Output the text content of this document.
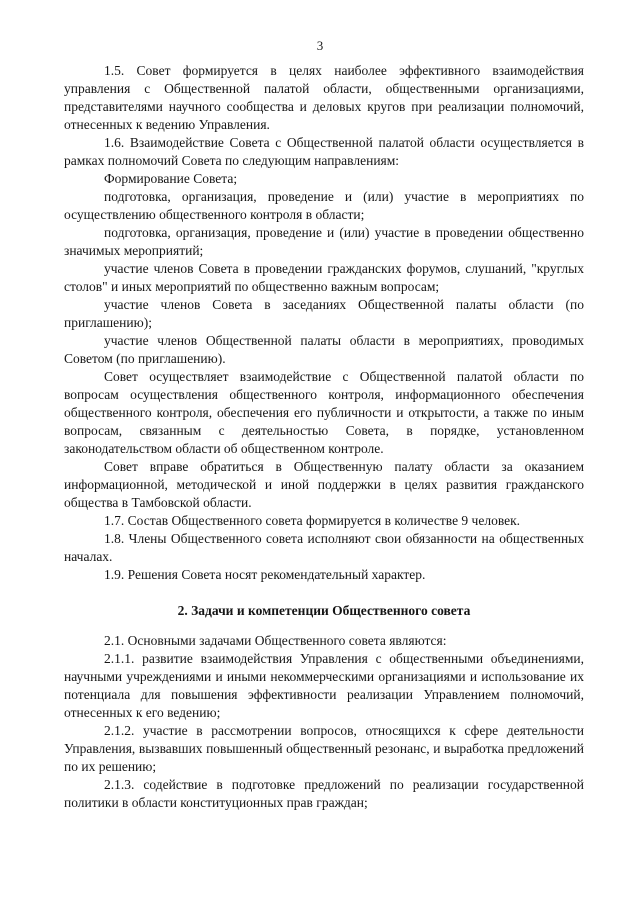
3

1.5. Совет формируется в целях наиболее эффективного взаимодействия управления с Общественной палатой области, общественными организациями, представителями научного сообщества и деловых кругов при реализации полномочий, отнесенных к ведению Управления.

1.6. Взаимодействие Совета с Общественной палатой области осуществляется в рамках полномочий Совета по следующим направлениям:

Формирование Совета;

подготовка, организация, проведение и (или) участие в мероприятиях по осуществлению общественного контроля в области;

подготовка, организация, проведение и (или) участие в проведении общественно значимых мероприятий;

участие членов Совета в проведении гражданских форумов, слушаний, "круглых столов" и иных мероприятий по общественно важным вопросам;

участие членов Совета в заседаниях Общественной палаты области (по приглашению);

участие членов Общественной палаты области в мероприятиях, проводимых Советом (по приглашению).

Совет осуществляет взаимодействие с Общественной палатой области по вопросам осуществления общественного контроля, информационного обеспечения общественного контроля, обеспечения его публичности и открытости, а также по иным вопросам, связанным с деятельностью Совета, в порядке, установленном законодательством области об общественном контроле.

Совет вправе обратиться в Общественную палату области за оказанием информационной, методической и иной поддержки в целях развития гражданского общества в Тамбовской области.

1.7. Состав Общественного совета формируется в количестве 9 человек.

1.8. Члены Общественного совета исполняют свои обязанности на общественных началах.

1.9. Решения Совета носят рекомендательный характер.

2. Задачи и компетенции Общественного совета

2.1. Основными задачами Общественного совета являются:

2.1.1. развитие взаимодействия Управления с общественными объединениями, научными учреждениями и иными некоммерческими организациями и использование их потенциала для повышения эффективности реализации Управлением полномочий, отнесенных к его ведению;

2.1.2. участие в рассмотрении вопросов, относящихся к сфере деятельности Управления, вызвавших повышенный общественный резонанс, и выработка предложений по их решению;

2.1.3. содействие в подготовке предложений по реализации государственной политики в области конституционных прав граждан;
